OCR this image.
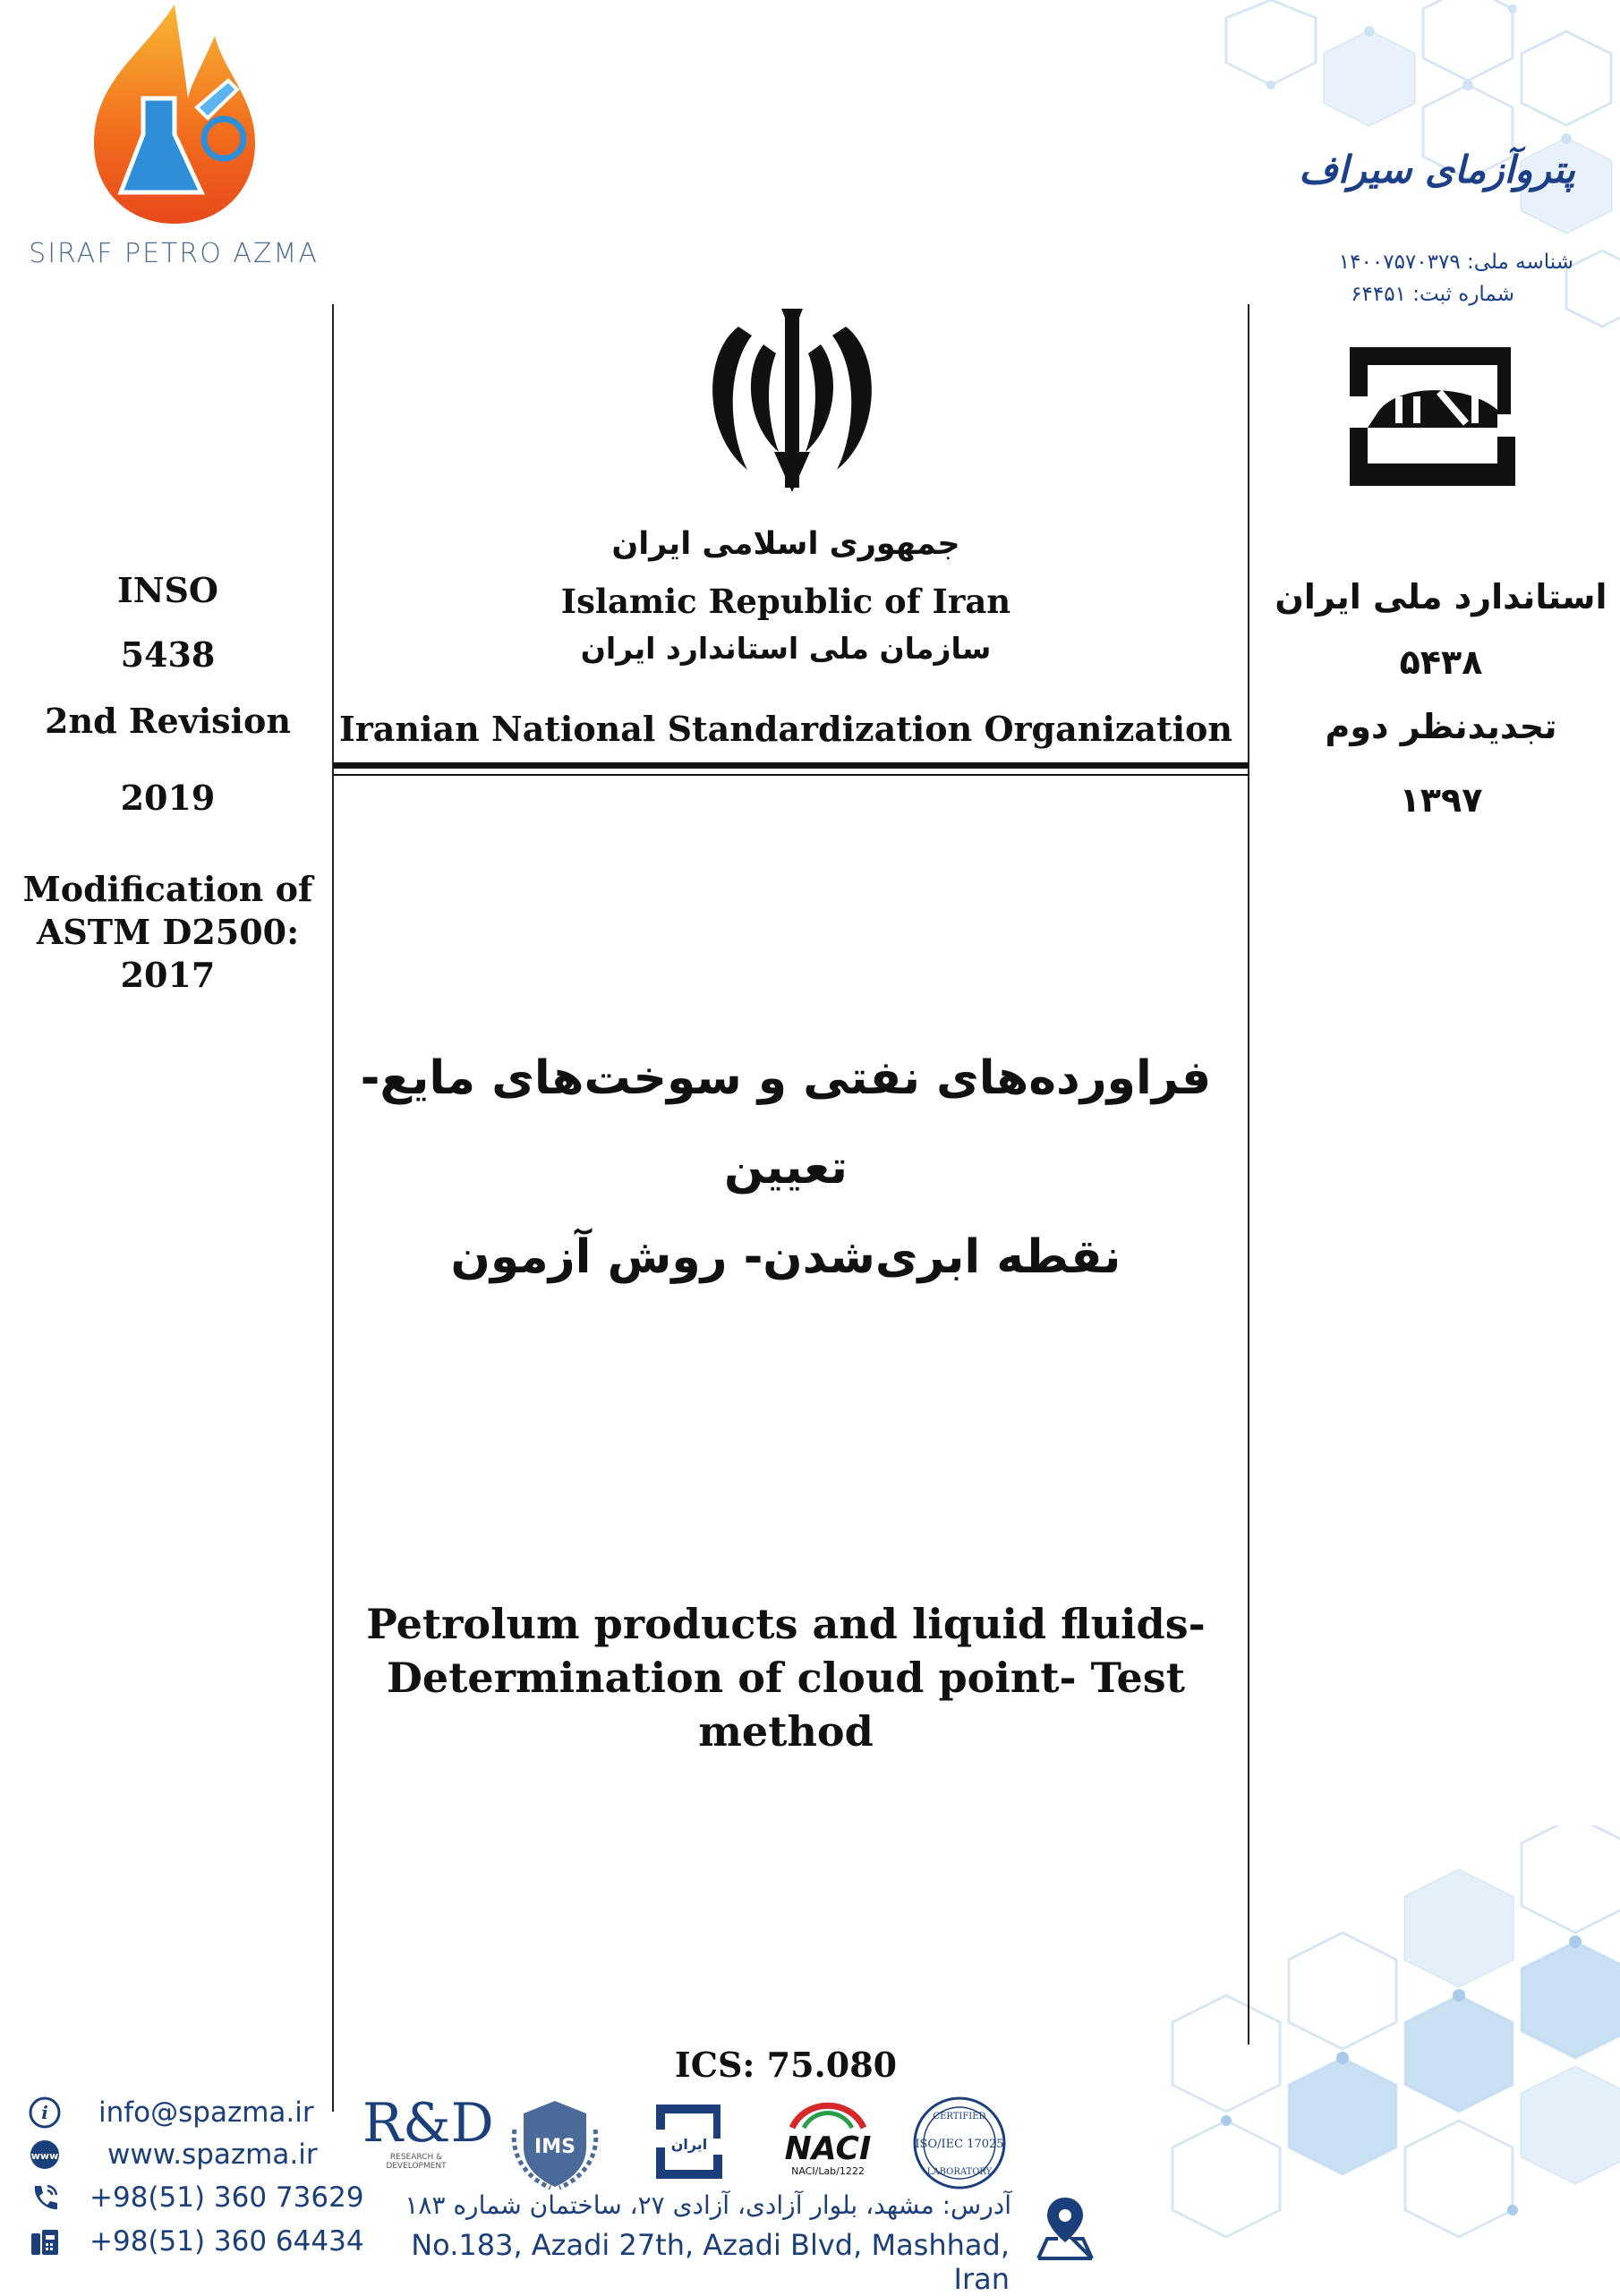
SIRAF PETRO AZMA
پتروآزمای سیراف
شناسه ملی: ۱۴۰۰۷۵۷۰۳۷۹
شماره ثبت: ۶۴۴۵۱
جمهوری اسلامی ایران
Islamic Republic of Iran
سازمان ملی استاندارد ایران
Iranian National Standardization Organization
INSO
5438
2nd Revision
2019
Modification of
ASTM D2500:
2017
استاندارد ملی ایران
۵۴۳۸
تجدیدنظر دوم
۱۳۹۷
فراورده‌های نفتی و سوخت‌های مایع- تعیین
نقطه ابری‌شدن- روش آزمون
Petrolum products and liquid fluids-
Determination of cloud point- Test method
ICS: 75.080
i info@spazma.ir
www www.spazma.ir
+98(51) 360 73629
+98(51) 360 64434
R&D
RESEARCH & DEVELOPMENT
IMS	ایران NACI
NACI/Lab/1222
CERTIFIED
ISO/IEC 17025
LABORATORY
آدرس: مشهد، بلوار آزادی، آزادی ۲۷، ساختمان شماره ۱۸۳
No.183, Azadi 27th, Azadi Blvd, Mashhad, Iran
